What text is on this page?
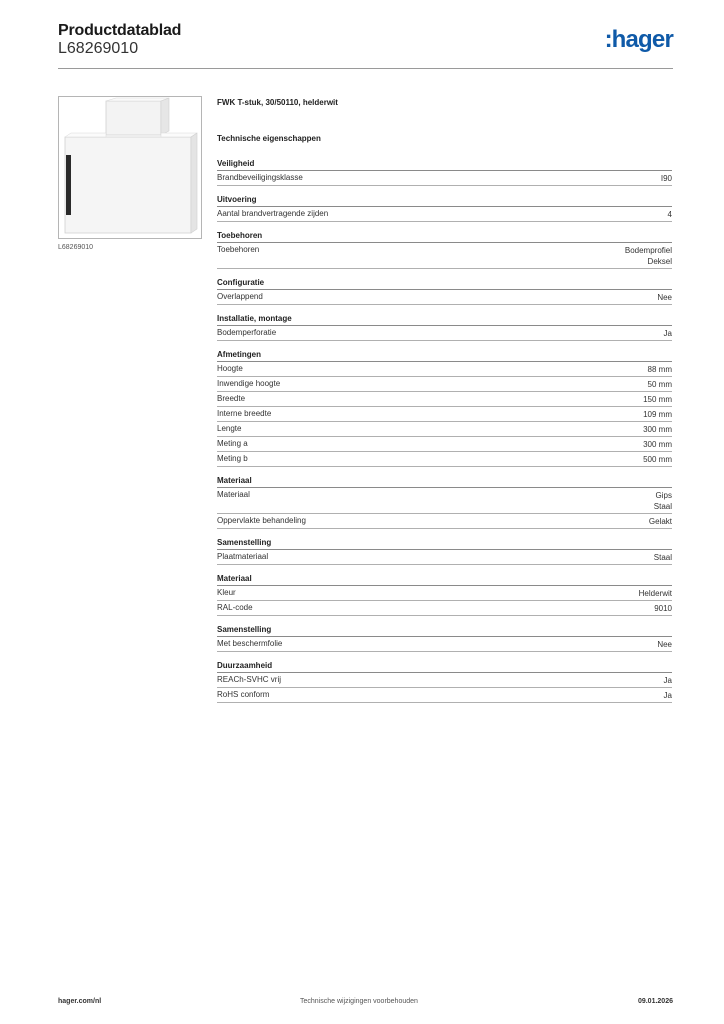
Productdatablad
L68269010	:hager
L68269010
FWK T-stuk, 30/50110, helderwit
Technische eigenschappen
Veiligheid
Brandbeveiligingsklasse	I90
Uitvoering
Aantal brandvertragende zijden	4
Toebehoren
Toebehoren	Bodemprofiel
Deksel
Configuratie
Overlappend	Nee
Installatie, montage
Bodemperforatie	Ja
Afmetingen
Hoogte	88 mm
Inwendige hoogte	50 mm
Breedte	150 mm
Interne breedte	109 mm
Lengte	300 mm
Meting a	300 mm
Meting b	500 mm
Materiaal
Materiaal	Gips
Staal
Oppervlakte behandeling	Gelakt
Samenstelling
Plaatmateriaal	Staal
Materiaal
Kleur	Helderwit
RAL-code	9010
Samenstelling
Met beschermfolie	Nee
Duurzaamheid
REACh-SVHC vrij	Ja
RoHS conform	Ja
hager.com/nl	Technische wijzigingen voorbehouden	09.01.2026
